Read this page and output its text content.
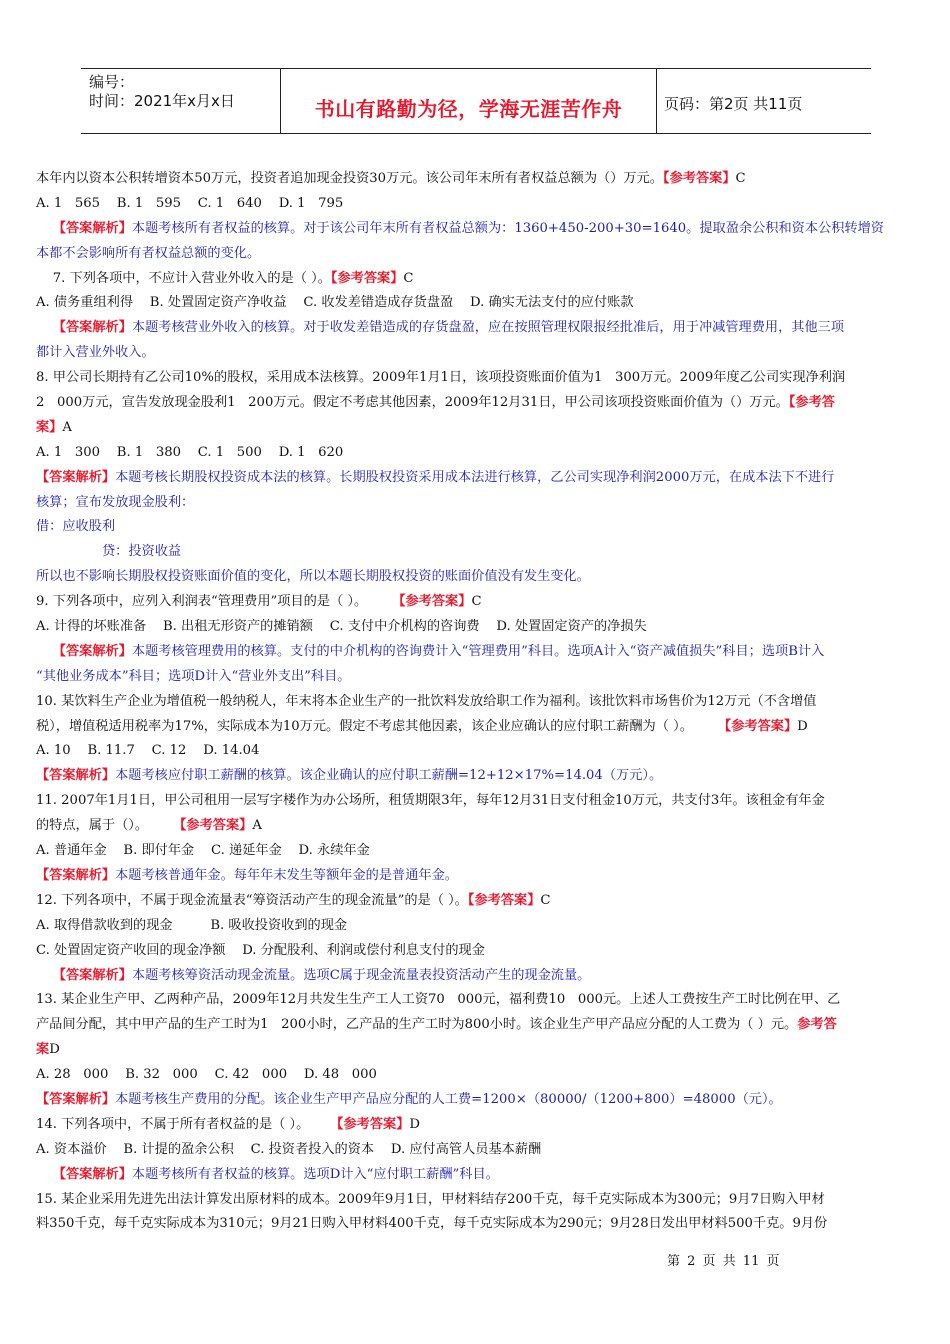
编号：
时间：2021年x月x日	书山有路勤为径，学海无涯苦作舟	页码：第2页 共11页
本年内以资本公积转增资本50万元，投资者追加现金投资30万元。该公司年末所有者权益总额为（）万元。【参考答案】C
A. 1   565    B. 1   595    C. 1   640    D. 1   795
【答案解析】本题考核所有者权益的核算。对于该公司年末所有者权益总额为：1360+450-200+30=1640。提取盈余公积和资本公积转增资
本都不会影响所有者权益总额的变化。
7. 下列各项中，不应计入营业外收入的是（ ）。【参考答案】C
A. 债务重组利得    B. 处置固定资产净收益    C. 收发差错造成存货盘盈    D. 确实无法支付的应付账款
【答案解析】本题考核营业外收入的核算。对于收发差错造成的存货盘盈，应在按照管理权限报经批准后，用于冲减管理费用，其他三项
都计入营业外收入。
8. 甲公司长期持有乙公司10%的股权，采用成本法核算。2009年1月1日，该项投资账面价值为1   300万元。2009年度乙公司实现净利润
2   000万元，宣告发放现金股利1   200万元。假定不考虑其他因素，2009年12月31日，甲公司该项投资账面价值为（）万元。【参考答
案】A
A. 1   300    B. 1   380    C. 1   500    D. 1   620
【答案解析】本题考核长期股权投资成本法的核算。长期股权投资采用成本法进行核算，乙公司实现净利润2000万元，在成本法下不进行
核算；宣布发放现金股利：
借：应收股利
贷：投资收益
所以也不影响长期股权投资账面价值的变化，所以本题长期股权投资的账面价值没有发生变化。
9. 下列各项中，应列入利润表“管理费用”项目的是（ ）。      【参考答案】C
A. 计得的坏账准备    B. 出租无形资产的摊销额    C. 支付中介机构的咨询费    D. 处置固定资产的净损失
【答案解析】本题考核管理费用的核算。支付的中介机构的咨询费计入“管理费用”科目。选项A计入“资产减值损失”科目；选项B计入
“其他业务成本”科目；选项D计入“营业外支出”科目。
10. 某饮料生产企业为增值税一般纳税人，年末将本企业生产的一批饮料发放给职工作为福利。该批饮料市场售价为12万元（不含增值
税），增值税适用税率为17%，实际成本为10万元。假定不考虑其他因素，该企业应确认的应付职工薪酬为（ ）。      【参考答案】D
A. 10    B. 11.7    C. 12    D. 14.04
【答案解析】本题考核应付职工薪酬的核算。该企业确认的应付职工薪酬=12+12×17%=14.04（万元）。
11. 2007年1月1日，甲公司租用一层写字楼作为办公场所，租赁期限3年，每年12月31日支付租金10万元，共支付3年。该租金有年金
的特点，属于（）。      【参考答案】A
A. 普通年金    B. 即付年金    C. 递延年金    D. 永续年金
【答案解析】本题考核普通年金。每年年末发生等额年金的是普通年金。
12. 下列各项中，不属于现金流量表“筹资活动产生的现金流量”的是（ ）。【参考答案】C
A. 取得借款收到的现金         B. 吸收投资收到的现金
C. 处置固定资产收回的现金净额    D. 分配股利、利润或偿付利息支付的现金
【答案解析】本题考核筹资活动现金流量。选项C属于现金流量表投资活动产生的现金流量。
13. 某企业生产甲、乙两种产品，2009年12月共发生生产工人工资70   000元，福利费10   000元。上述人工费按生产工时比例在甲、乙
产品间分配，其中甲产品的生产工时为1   200小时，乙产品的生产工时为800小时。该企业生产甲产品应分配的人工费为（ ）元。参考答
案D
A. 28   000    B. 32   000    C. 42   000    D. 48   000
【答案解析】本题考核生产费用的分配。该企业生产甲产品应分配的人工费=1200×（80000/（1200+800）=48000（元）。
14. 下列各项中，不属于所有者权益的是（ ）。     【参考答案】D
A. 资本溢价    B. 计提的盈余公积    C. 投资者投入的资本    D. 应付高管人员基本薪酬
【答案解析】本题考核所有者权益的核算。选项D计入“应付职工薪酬”科目。
15. 某企业采用先进先出法计算发出原材料的成本。2009年9月1日，甲材料结存200千克，每千克实际成本为300元；9月7日购入甲材
料350千克，每千克实际成本为310元；9月21日购入甲材料400千克，每千克实际成本为290元；9月28日发出甲材料500千克。9月份
第 2 页 共 11 页
